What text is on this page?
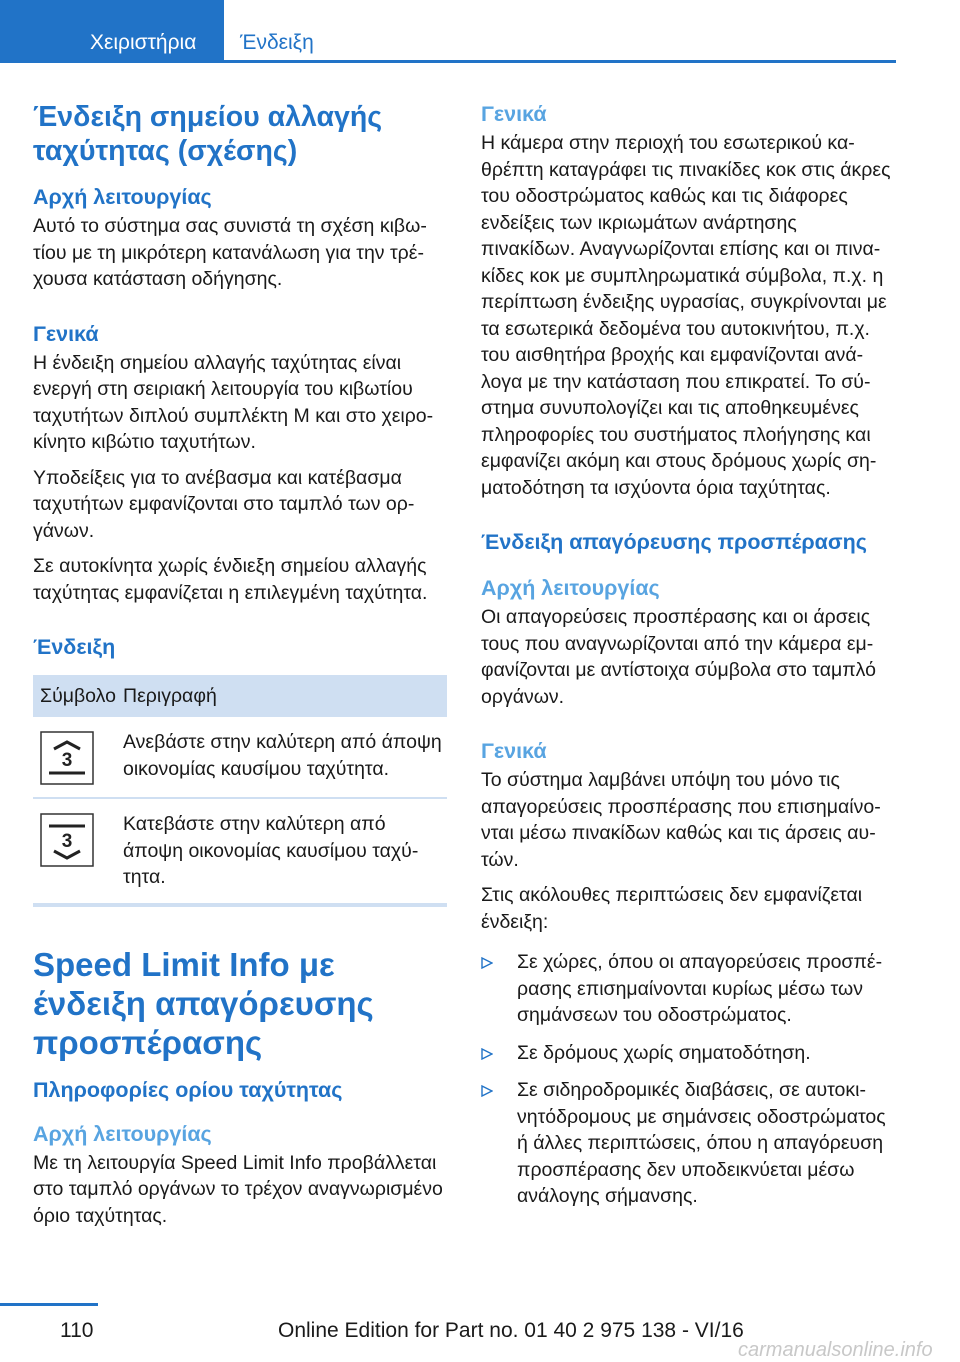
Χειριστήρια	Ένδειξη
Ένδειξη σημείου αλλαγής ταχύτητας (σχέσης)
Αρχή λειτουργίας

Αυτό το σύστημα σας συνιστά τη σχέση κιβωτίου με τη μικρότερη κατανάλωση για την τρέχουσα κατάσταση οδήγησης.

Γενικά

Η ένδειξη σημείου αλλαγής ταχύτητας είναι ενεργή στη σειριακή λειτουργία του κιβωτίου ταχυτήτων διπλού συμπλέκτη M και στο χειροκίνητο κιβώτιο ταχυτήτων.

Υποδείξεις για το ανέβασμα και κατέβασμα ταχυτήτων εμφανίζονται στο ταμπλό των οργάνων.

Σε αυτοκίνητα χωρίς ένδιεξη σημείου αλλαγής ταχύτητας εμφανίζεται η επιλεγμένη ταχύτητα.

Ένδειξη
Σύμβολο	Περιγραφή

3	Ανεβάστε στην καλύτερη από άποψη οικονομίας καυσίμου ταχύτητα.

3	Κατεβάστε στην καλύτερη από άποψη οικονομίας καυσίμου ταχύτητα.
Speed Limit Info με ένδειξη απαγόρευσης προσπέρασης
Πληροφορίες ορίου ταχύτητας
Αρχή λειτουργίας

Με τη λειτουργία Speed Limit Info προβάλλεται στο ταμπλό οργάνων το τρέχον αναγνωρισμένο όριο ταχύτητας.

Γενικά

Η κάμερα στην περιοχή του εσωτερικού καθρέπτη καταγράφει τις πινακίδες κοκ στις άκρες του οδοστρώματος καθώς και τις διάφορες ενδείξεις των ικριωμάτων ανάρτησης πινακίδων. Αναγνωρίζονται επίσης και οι πινακίδες κοκ με συμπληρωματικά σύμβολα, π.χ. η περίπτωση ένδειξης υγρασίας, συγκρίνονται με τα εσωτερικά δεδομένα του αυτοκινήτου, π.χ. του αισθητήρα βροχής και εμφανίζονται ανάλογα με την κατάσταση που επικρατεί. Το σύστημα συνυπολογίζει και τις αποθηκευμένες πληροφορίες του συστήματος πλοήγησης και εμφανίζει ακόμη και στους δρόμους χωρίς σηματοδότηση τα ισχύοντα όρια ταχύτητας.

Ένδειξη απαγόρευσης προσπέρασης
Αρχή λειτουργίας

Οι απαγορεύσεις προσπέρασης και οι άρσεις τους που αναγνωρίζονται από την κάμερα εμφανίζονται με αντίστοιχα σύμβολα στο ταμπλό οργάνων.

Γενικά

Το σύστημα λαμβάνει υπόψη του μόνο τις απαγορεύσεις προσπέρασης που επισημαίνονται μέσω πινακίδων καθώς και τις άρσεις αυτών.

Στις ακόλουθες περιπτώσεις δεν εμφανίζεται ένδειξη:

Σε χώρες, όπου οι απαγορεύσεις προσπέρασης επισημαίνονται κυρίως μέσω των σημάνσεων του οδοστρώματος.
Σε δρόμους χωρίς σηματοδότηση.
Σε σιδηροδρομικές διαβάσεις, σε αυτοκινητόδρομους με σημάνσεις οδοστρώματος ή άλλες περιπτώσεις, όπου η απαγόρευση προσπέρασης δεν υποδεικνύεται μέσω ανάλογης σήμανσης.
110	Online Edition for Part no. 01 40 2 975 138 - VI/16
carmanualsonline.info
